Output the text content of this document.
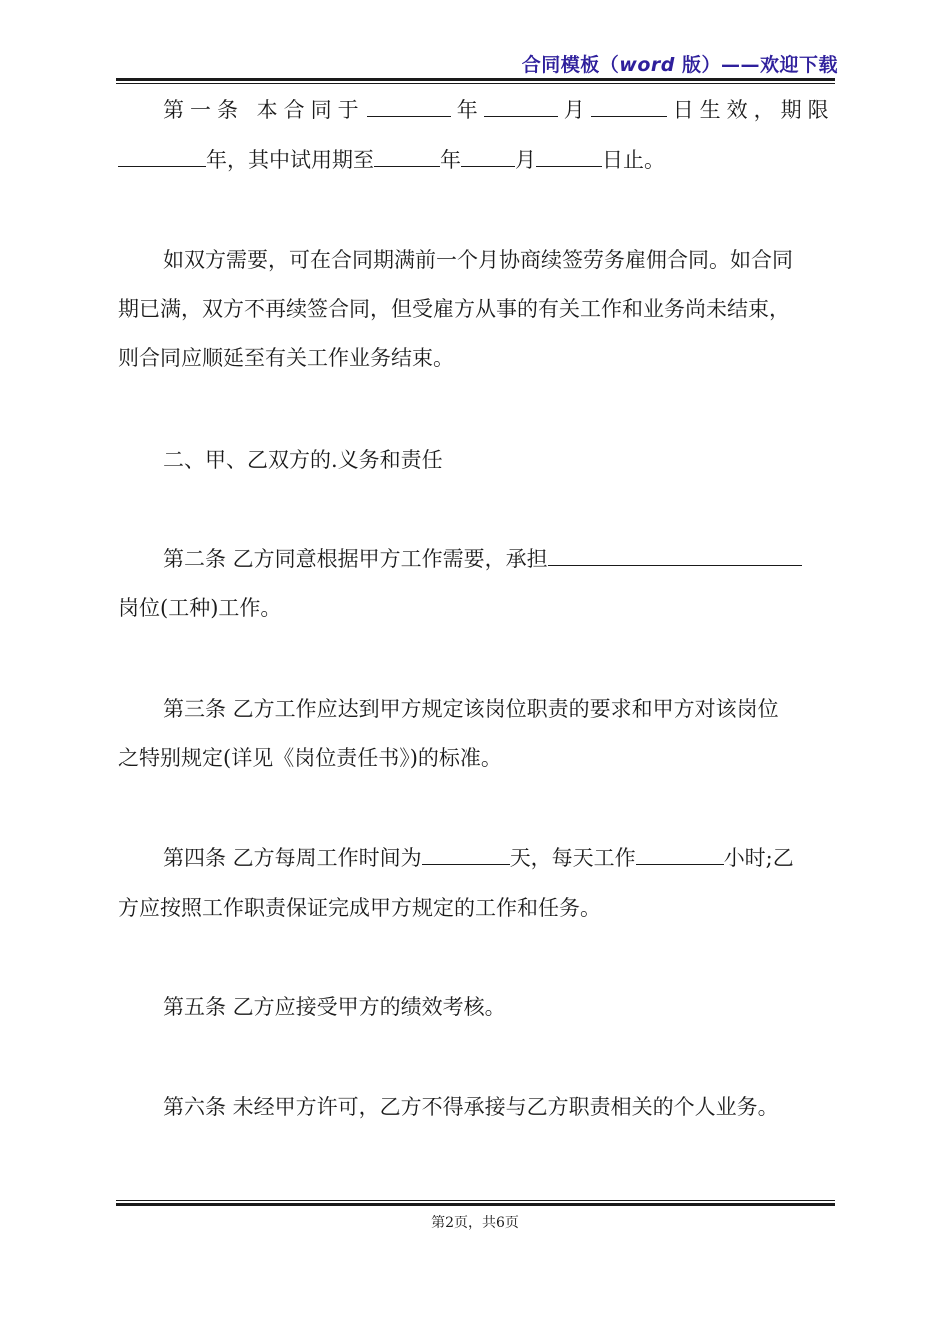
合同模板（word 版）——欢迎下载
第一条 本合同于	年	月	日生效，期限
年，其中试用期至	年	月	日止。
如双方需要，可在合同期满前一个月协商续签劳务雇佣合同。如合同
期已满，双方不再续签合同，但受雇方从事的有关工作和业务尚未结束，
则合同应顺延至有关工作业务结束。
二、甲、乙双方的.义务和责任
第二条 乙方同意根据甲方工作需要，承担
岗位(工种)工作。
第三条 乙方工作应达到甲方规定该岗位职责的要求和甲方对该岗位
之特别规定(详见《岗位责任书》)的标准。
第四条 乙方每周工作时间为	天，每天工作	小时;乙
方应按照工作职责保证完成甲方规定的工作和任务。
第五条 乙方应接受甲方的绩效考核。
第六条 未经甲方许可，乙方不得承接与乙方职责相关的个人业务。
第2页，共6页
